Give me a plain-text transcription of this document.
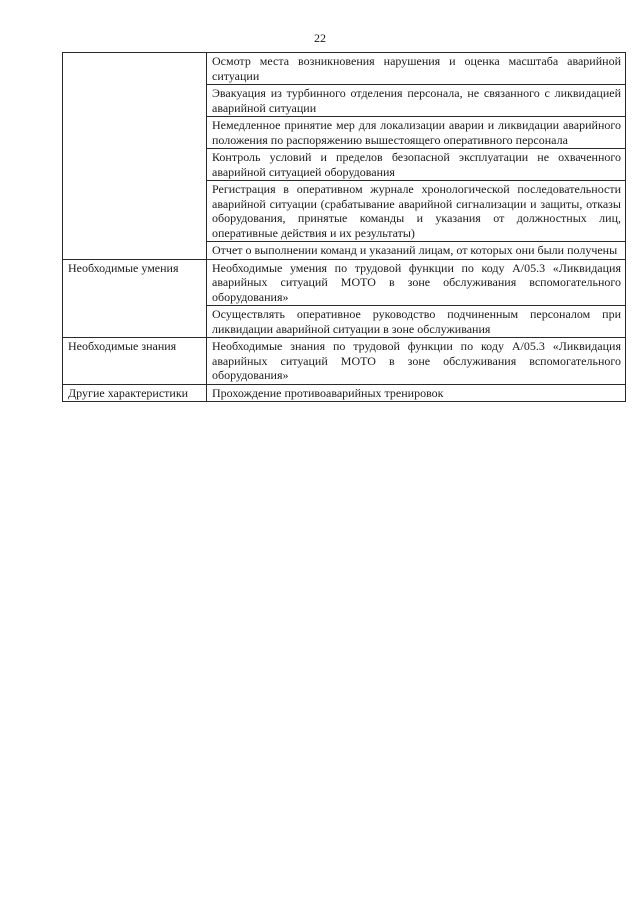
22
	Осмотр места возникновения нарушения и оценка масштаба аварийной ситуации
	Эвакуация из турбинного отделения персонала, не связанного с ликвидацией аварийной ситуации
	Немедленное принятие мер для локализации аварии и ликвидации аварийного положения по распоряжению вышестоящего оперативного персонала
	Контроль условий и пределов безопасной эксплуатации не охваченного аварийной ситуацией оборудования
	Регистрация в оперативном журнале хронологической последовательности аварийной ситуации (срабатывание аварийной сигнализации и защиты, отказы оборудования, принятые команды и указания от должностных лиц, оперативные действия и их результаты)
	Отчет о выполнении команд и указаний лицам, от которых они были получены
Необходимые умения	Необходимые умения по трудовой функции по коду А/05.3 «Ликвидация аварийных ситуаций МОТО в зоне обслуживания вспомогательного оборудования»
	Осуществлять оперативное руководство подчиненным персоналом при ликвидации аварийной ситуации в зоне обслуживания
Необходимые знания	Необходимые знания по трудовой функции по коду А/05.3 «Ликвидация аварийных ситуаций МОТО в зоне обслуживания вспомогательного оборудования»
Другие характеристики	Прохождение противоаварийных тренировок
